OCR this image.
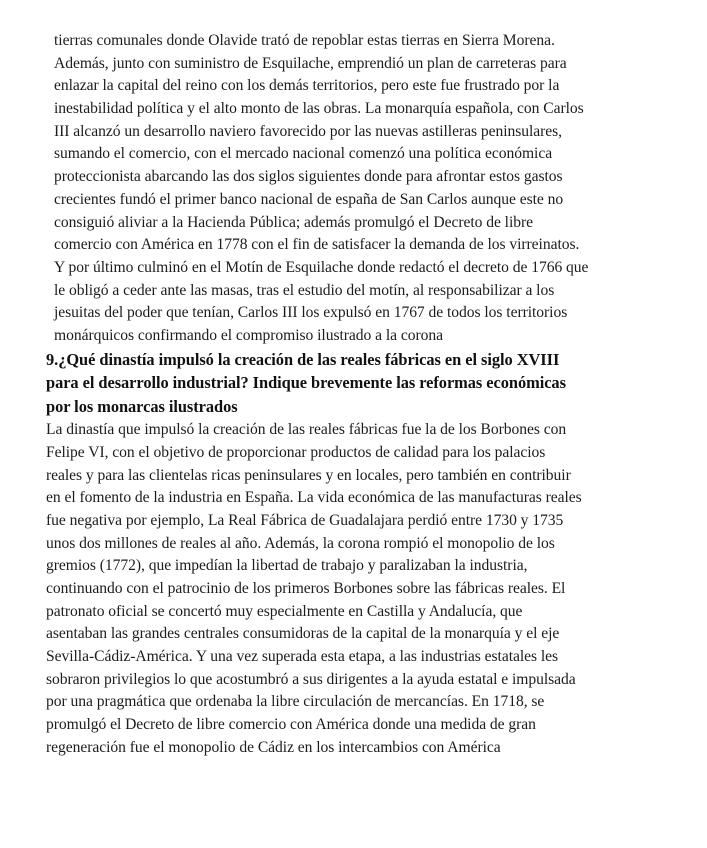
tierras comunales donde Olavide trató de repoblar estas tierras en Sierra Morena.
Además, junto con suministro de Esquilache, emprendió un plan de carreteras para
enlazar la capital del reino con los demás territorios, pero este fue frustrado por la
inestabilidad política y el alto monto de las obras. La monarquía española, con Carlos
III alcanzó un desarrollo naviero favorecido por las nuevas astilleras peninsulares,
sumando el comercio, con el mercado nacional comenzó una política económica
proteccionista abarcando las dos siglos siguientes donde para afrontar estos gastos
crecientes fundó el primer banco nacional de españa de San Carlos aunque este no
consiguió aliviar a la Hacienda Pública; además promulgó el Decreto de libre
comercio con América en 1778 con el fin de satisfacer la demanda de los virreinatos.
Y por último culminó en el Motín de Esquilache donde redactó el decreto de 1766 que
le obligó a ceder ante las masas, tras el estudio del motín, al responsabilizar a los
jesuitas del poder que tenían, Carlos III los expulsó en 1767 de todos los territorios
monárquicos confirmando el compromiso ilustrado a la corona
9.¿Qué dinastía impulsó la creación de las reales fábricas en el siglo XVIII
para el desarrollo industrial? Indique brevemente las reformas económicas
por los monarcas ilustrados
La dinastía que impulsó la creación de las reales fábricas fue la de los Borbones con
Felipe VI, con el objetivo de proporcionar productos de calidad para los palacios
reales y para las clientelas ricas peninsulares y en locales, pero también en contribuir
en el fomento de la industria en España. La vida económica de las manufacturas reales
fue negativa por ejemplo, La Real Fábrica de Guadalajara perdió entre 1730 y 1735
unos dos millones de reales al año. Además, la corona rompió el monopolio de los
gremios (1772), que impedían la libertad de trabajo y paralizaban la industria,
continuando con el patrocinio de los primeros Borbones sobre las fábricas reales. El
patronato oficial se concertó muy especialmente en Castilla y Andalucía, que
asentaban las grandes centrales consumidoras de la capital de la monarquía y el eje
Sevilla-Cádiz-América. Y una vez superada esta etapa, a las industrias estatales les
sobraron privilegios lo que acostumbró a sus dirigentes a la ayuda estatal e impulsada
por una pragmática que ordenaba la libre circulación de mercancías. En 1718, se
promulgó el Decreto de libre comercio con América donde una medida de gran
regeneración fue el monopolio de Cádiz en los intercambios con América
